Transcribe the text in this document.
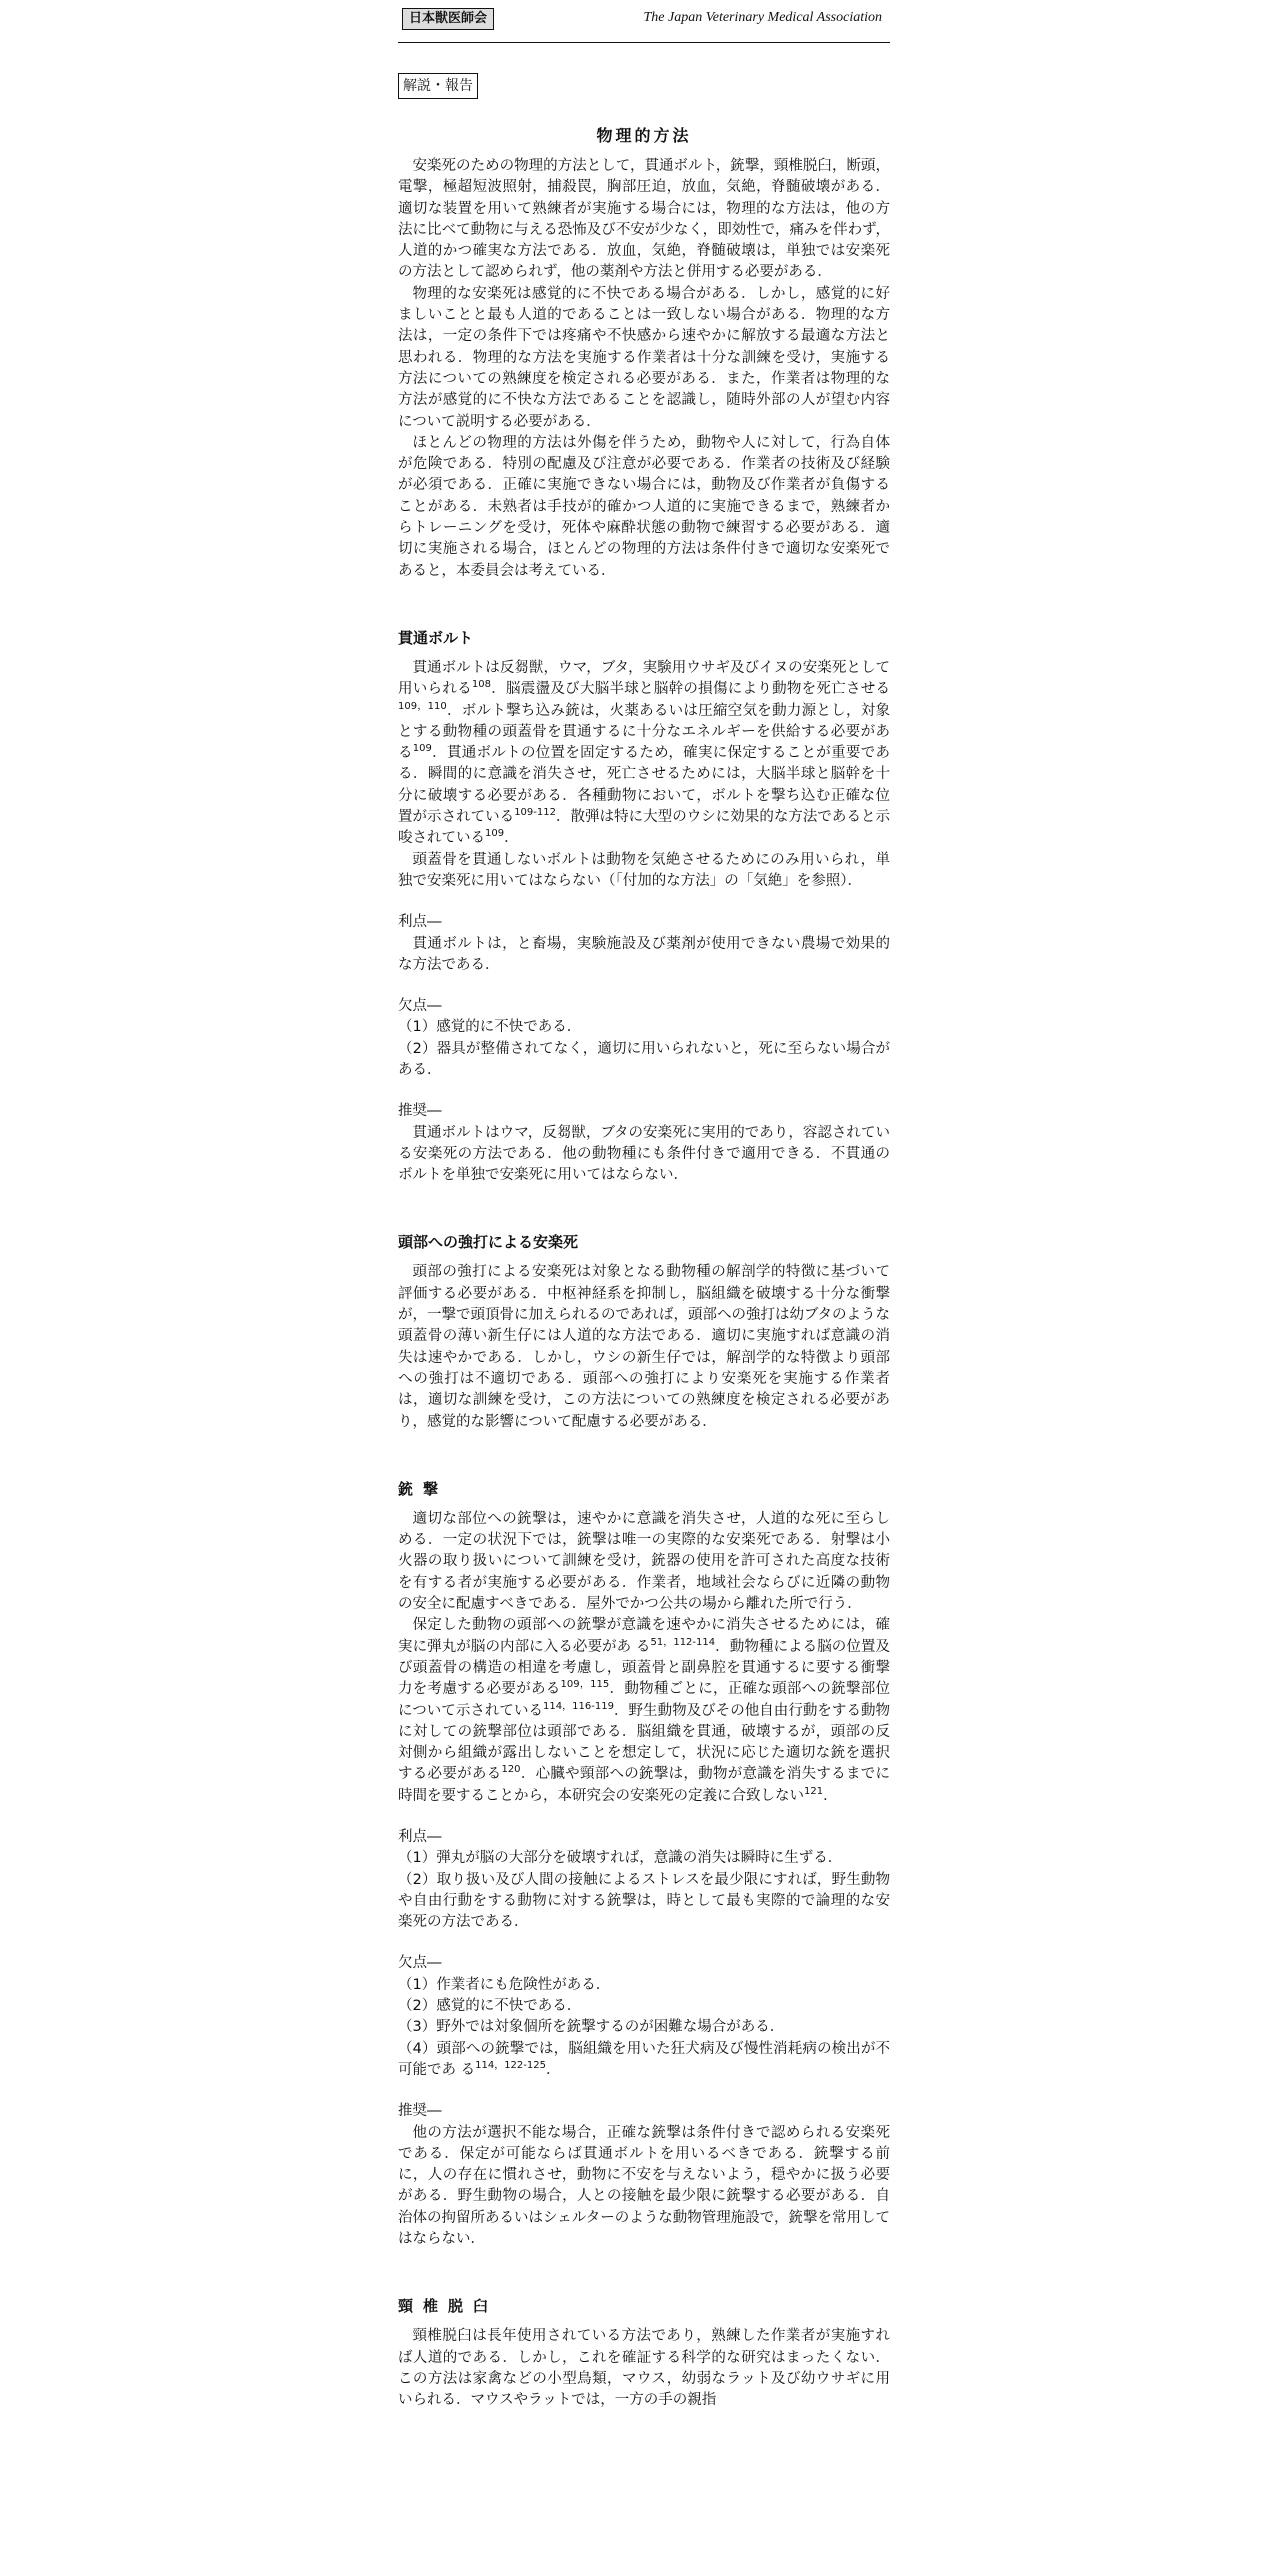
日本獣医師会	The Japan Veterinary Medical Association
解説・報告
物理的方法

安楽死のための物理的方法として，貫通ボルト，銃撃，頸椎脱臼，断頭，電撃，極超短波照射，捕殺罠，胸部圧迫，放血，気絶，脊髄破壊がある．適切な装置を用いて熟練者が実施する場合には，物理的な方法は，他の方法に比べて動物に与える恐怖及び不安が少なく，即効性で，痛みを伴わず，人道的かつ確実な方法である．放血，気絶，脊髄破壊は，単独では安楽死の方法として認められず，他の薬剤や方法と併用する必要がある．

物理的な安楽死は感覚的に不快である場合がある．しかし，感覚的に好ましいことと最も人道的であることは一致しない場合がある．物理的な方法は，一定の条件下では疼痛や不快感から速やかに解放する最適な方法と思われる．物理的な方法を実施する作業者は十分な訓練を受け，実施する方法についての熟練度を検定される必要がある．また，作業者は物理的な方法が感覚的に不快な方法であることを認識し，随時外部の人が望む内容について説明する必要がある．

ほとんどの物理的方法は外傷を伴うため，動物や人に対して，行為自体が危険である．特別の配慮及び注意が必要である．作業者の技術及び経験が必須である．正確に実施できない場合には，動物及び作業者が負傷することがある．未熟者は手技が的確かつ人道的に実施できるまで，熟練者からトレーニングを受け，死体や麻酔状態の動物で練習する必要がある．適切に実施される場合，ほとんどの物理的方法は条件付きで適切な安楽死であると，本委員会は考えている．

貫通ボルト

貫通ボルトは反芻獣，ウマ，ブタ，実験用ウサギ及びイヌの安楽死として用いられる$^{108}$．脳震盪及び大脳半球と脳幹の損傷により動物を死亡させる$^{109,110}$．ボルト撃ち込み銃は，火薬あるいは圧縮空気を動力源とし，対象とする動物種の頭蓋骨を貫通するに十分なエネルギーを供給する必要がある$^{109}$．貫通ボルトの位置を固定するため，確実に保定することが重要である．瞬間的に意識を消失させ，死亡させるためには，大脳半球と脳幹を十分に破壊する必要がある．各種動物において，ボルトを撃ち込む正確な位置が示されている$^{109-112}$．散弾は特に大型のウシに効果的な方法であると示唆されている$^{109}$．

頭蓋骨を貫通しないボルトは動物を気絶させるためにのみ用いられ，単独で安楽死に用いてはならない（「付加的な方法」の「気絶」を参照）．

利点―

貫通ボルトは，と畜場，実験施設及び薬剤が使用できない農場で効果的な方法である．

欠点―

（1）感覚的に不快である．

（2）器具が整備されてなく，適切に用いられないと，死に至らない場合がある．

推奨―

貫通ボルトはウマ，反芻獣，ブタの安楽死に実用的であり，容認されている安楽死の方法である．他の動物種にも条件付きで適用できる．不貫通のボルトを単独で安楽死に用いてはならない．

頭部への強打による安楽死

頭部の強打による安楽死は対象となる動物種の解剖学的特徴に基づいて評価する必要がある．中枢神経系を抑制し，脳組織を破壊する十分な衝撃が，一撃で頭頂骨に加えられるのであれば，頭部への強打は幼ブタのような頭蓋骨の薄い新生仔には人道的な方法である．適切に実施すれば意識の消失は速やかである．しかし，ウシの新生仔では，解剖学的な特徴より頭部への強打は不適切である．頭部への強打により安楽死を実施する作業者は，適切な訓練を受け，この方法についての熟練度を検定される必要があり，感覚的な影響について配慮する必要がある．

銃撃

適切な部位への銃撃は，速やかに意識を消失させ，人道的な死に至らしめる．一定の状況下では，銃撃は唯一の実際的な安楽死である．射撃は小火器の取り扱いについて訓練を受け，銃器の使用を許可された高度な技術を有する者が実施する必要がある．作業者，地域社会ならびに近隣の動物の安全に配慮すべきである．屋外でかつ公共の場から離れた所で行う．

保定した動物の頭部への銃撃が意識を速やかに消失させるためには，確実に弾丸が脳の内部に入る必要があ る$^{51,112-114}$．動物種による脳の位置及び頭蓋骨の構造の相違を考慮し，頭蓋骨と副鼻腔を貫通するに要する衝撃力を考慮する必要がある$^{109,115}$．動物種ごとに，正確な頭部への銃撃部位について示されている$^{114,116-119}$．野生動物及びその他自由行動をする動物に対しての銃撃部位は頭部である．脳組織を貫通，破壊するが，頭部の反対側から組織が露出しないことを想定して，状況に応じた適切な銃を選択する必要がある$^{120}$．心臓や頸部への銃撃は，動物が意識を消失するまでに時間を要することから，本研究会の安楽死の定義に合致しない$^{121}$．

利点―

（1）弾丸が脳の大部分を破壊すれば，意識の消失は瞬時に生ずる．

（2）取り扱い及び人間の接触によるストレスを最少限にすれば，野生動物や自由行動をする動物に対する銃撃は，時として最も実際的で論理的な安楽死の方法である．

欠点―

（1）作業者にも危険性がある．

（2）感覚的に不快である．

（3）野外では対象個所を銃撃するのが困難な場合がある．

（4）頭部への銃撃では，脳組織を用いた狂犬病及び慢性消耗病の検出が不可能であ る$^{114,122-125}$．

推奨―

他の方法が選択不能な場合，正確な銃撃は条件付きで認められる安楽死である．保定が可能ならば貫通ボルトを用いるべきである．銃撃する前に，人の存在に慣れさせ，動物に不安を与えないよう，穏やかに扱う必要がある．野生動物の場合，人との接触を最少限に銃撃する必要がある．自治体の拘留所あるいはシェルターのような動物管理施設で，銃撃を常用してはならない．

頸椎脱臼

頸椎脱臼は長年使用されている方法であり，熟練した作業者が実施すれば人道的である．しかし，これを確証する科学的な研究はまったくない．この方法は家禽などの小型鳥類，マウス，幼弱なラット及び幼ウサギに用いられる．マウスやラットでは，一方の手の親指
